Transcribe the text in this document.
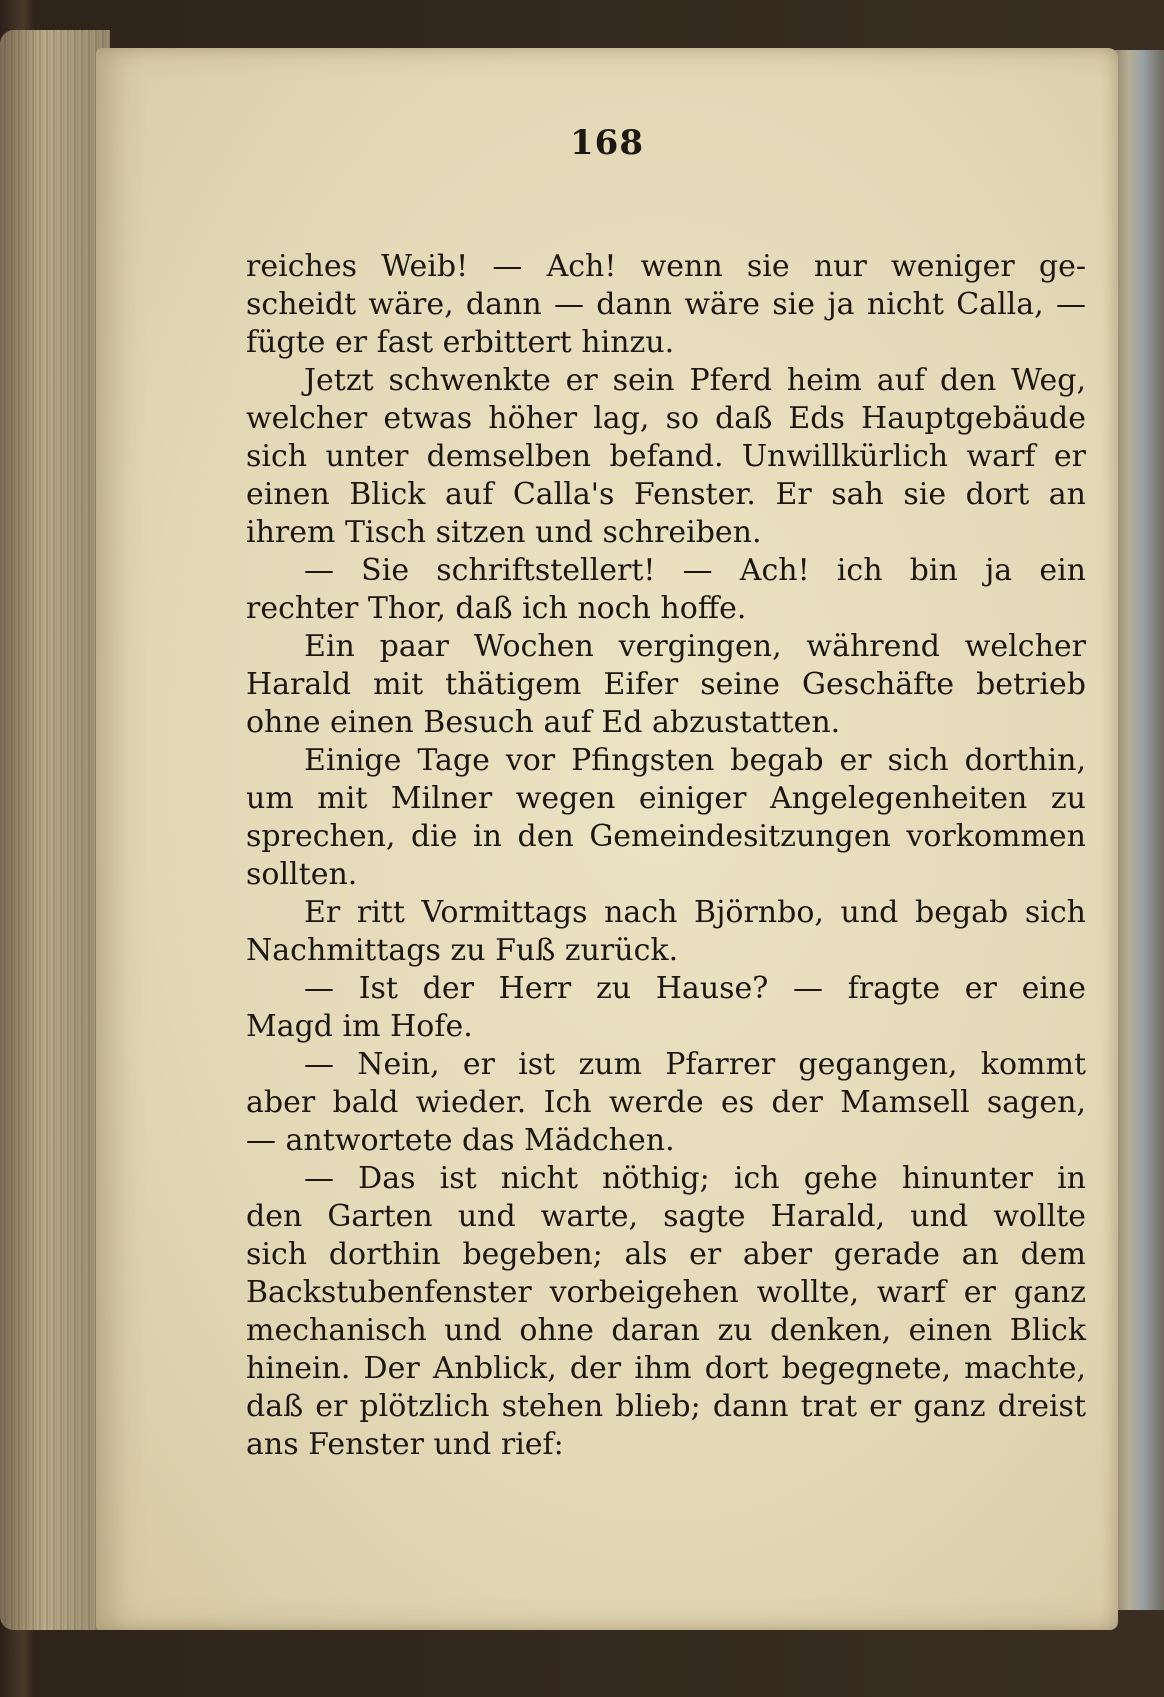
168
reiches Weib! — Ach! wenn sie nur weniger ge-
scheidt wäre, dann — dann wäre sie ja nicht Calla, —
fügte er fast erbittert hinzu.
Jetzt schwenkte er sein Pferd heim auf den Weg,
welcher etwas höher lag, so daß Eds Hauptgebäude
sich unter demselben befand. Unwillkürlich warf er
einen Blick auf Calla's Fenster. Er sah sie dort an
ihrem Tisch sitzen und schreiben.
— Sie schriftstellert! — Ach! ich bin ja ein
rechter Thor, daß ich noch hoffe.
Ein paar Wochen vergingen, während welcher
Harald mit thätigem Eifer seine Geschäfte betrieb
ohne einen Besuch auf Ed abzustatten.
Einige Tage vor Pfingsten begab er sich dorthin,
um mit Milner wegen einiger Angelegenheiten zu
sprechen, die in den Gemeindesitzungen vorkommen
sollten.
Er ritt Vormittags nach Björnbo, und begab sich
Nachmittags zu Fuß zurück.
— Ist der Herr zu Hause? — fragte er eine
Magd im Hofe.
— Nein, er ist zum Pfarrer gegangen, kommt
aber bald wieder. Ich werde es der Mamsell sagen,
— antwortete das Mädchen.
— Das ist nicht nöthig; ich gehe hinunter in
den Garten und warte, sagte Harald, und wollte
sich dorthin begeben; als er aber gerade an dem
Backstubenfenster vorbeigehen wollte, warf er ganz
mechanisch und ohne daran zu denken, einen Blick
hinein. Der Anblick, der ihm dort begegnete, machte,
daß er plötzlich stehen blieb; dann trat er ganz dreist
ans Fenster und rief:
